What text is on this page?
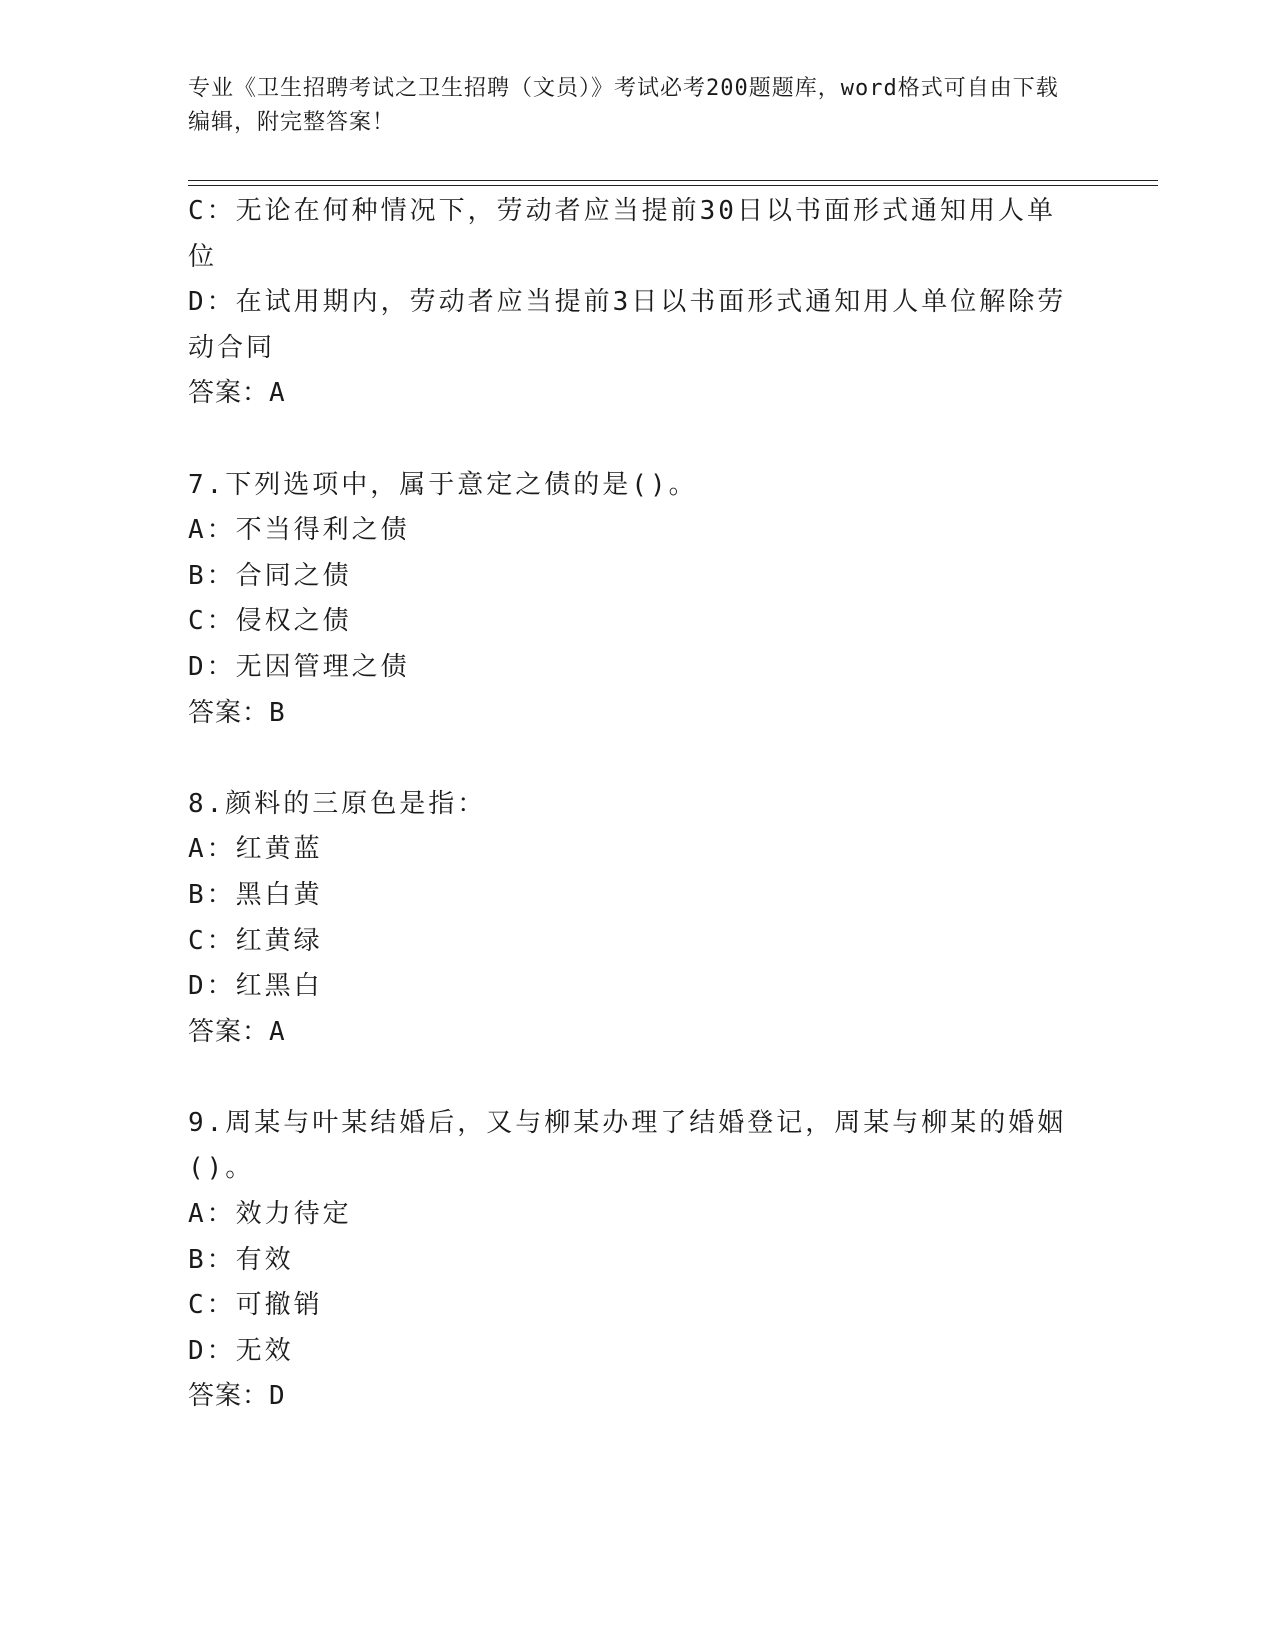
专业《卫生招聘考试之卫生招聘（文员）》考试必考200题题库，word格式可自由下载编辑，附完整答案！
C：无论在何种情况下，劳动者应当提前30日以书面形式通知用人单位
D：在试用期内，劳动者应当提前3日以书面形式通知用人单位解除劳动合同
答案：A
7.下列选项中，属于意定之债的是()。
A：不当得利之债
B：合同之债
C：侵权之债
D：无因管理之债
答案：B
8.颜料的三原色是指：
A：红黄蓝
B：黑白黄
C：红黄绿
D：红黑白
答案：A
9.周某与叶某结婚后，又与柳某办理了结婚登记，周某与柳某的婚姻()。
A：效力待定
B：有效
C：可撤销
D：无效
答案：D
